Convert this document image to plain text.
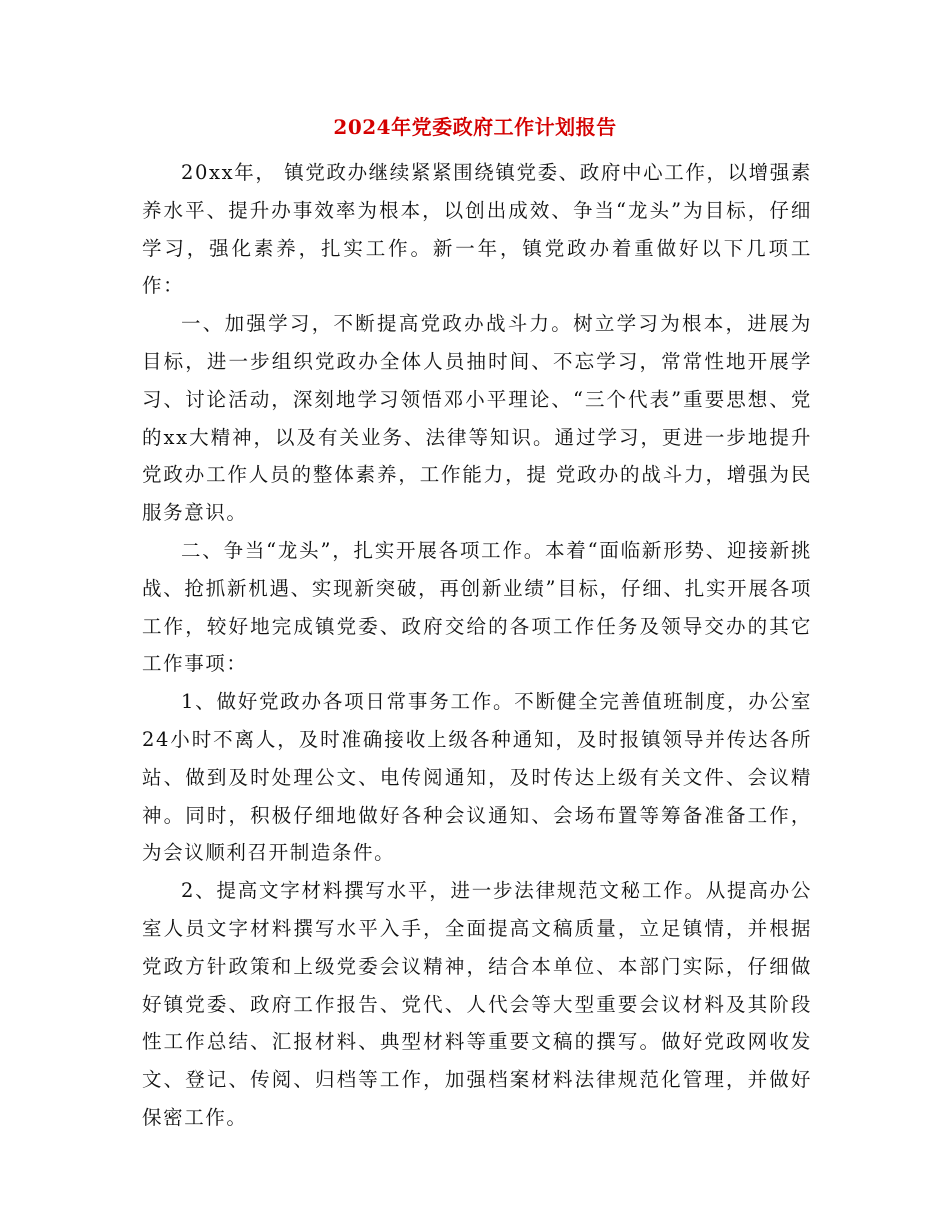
2024年党委政府工作计划报告

20xx年， 镇党政办继续紧紧围绕镇党委、政府中心工作，以增强素养水平、提升办事效率为根本，以创出成效、争当“龙头”为目标，仔细学习，强化素养，扎实工作。新一年，镇党政办着重做好以下几项工作：

一、加强学习，不断提高党政办战斗力。树立学习为根本，进展为目标，进一步组织党政办全体人员抽时间、不忘学习，常常性地开展学习、讨论活动，深刻地学习领悟邓小平理论、“三个代表”重要思想、党的xx大精神，以及有关业务、法律等知识。通过学习，更进一步地提升党政办工作人员的整体素养，工作能力，提 党政办的战斗力，增强为民服务意识。

二、争当“龙头”，扎实开展各项工作。本着“面临新形势、迎接新挑战、抢抓新机遇、实现新突破，再创新业绩”目标，仔细、扎实开展各项工作，较好地完成镇党委、政府交给的各项工作任务及领导交办的其它工作事项：

1、做好党政办各项日常事务工作。不断健全完善值班制度，办公室24小时不离人，及时准确接收上级各种通知，及时报镇领导并传达各所站、做到及时处理公文、电传阅通知，及时传达上级有关文件、会议精神。同时，积极仔细地做好各种会议通知、会场布置等筹备准备工作，为会议顺利召开制造条件。

2、提高文字材料撰写水平，进一步法律规范文秘工作。从提高办公室人员文字材料撰写水平入手，全面提高文稿质量，立足镇情，并根据党政方针政策和上级党委会议精神，结合本单位、本部门实际，仔细做好镇党委、政府工作报告、党代、人代会等大型重要会议材料及其阶段性工作总结、汇报材料、典型材料等重要文稿的撰写。做好党政网收发文、登记、传阅、归档等工作，加强档案材料法律规范化管理，并做好保密工作。
